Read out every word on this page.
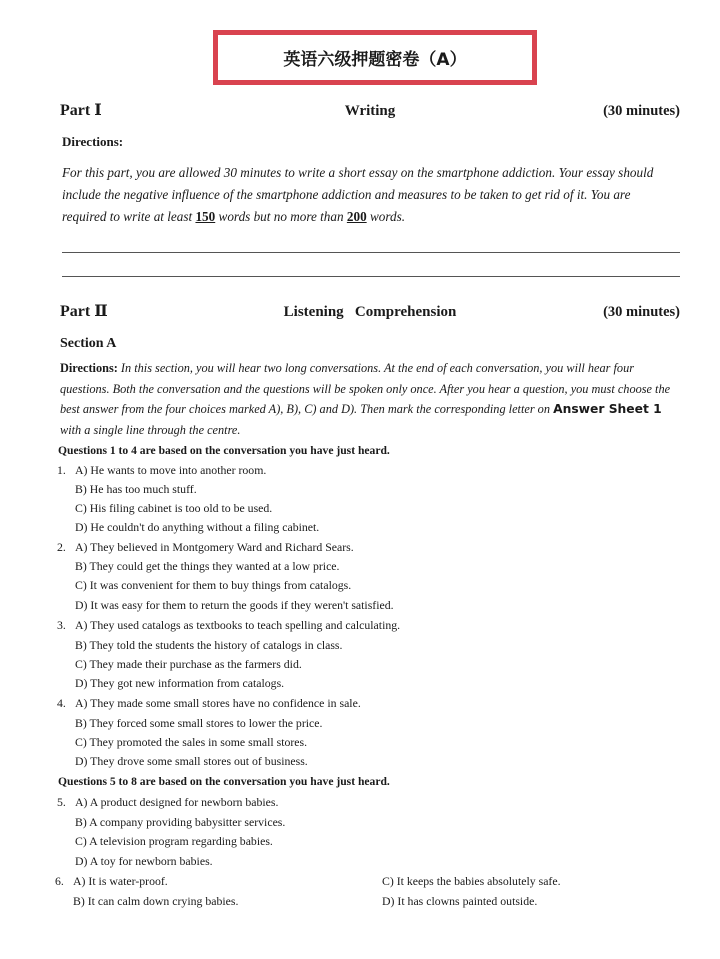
英语六级押题密卷（A）
Part Ⅰ	Writing	(30 minutes)
Directions:
For this part, you are allowed 30 minutes to write a short essay on the smartphone addiction. Your essay should include the negative influence of the smartphone addiction and measures to be taken to get rid of it. You are required to write at least 150 words but no more than 200 words.
Part Ⅱ	Listening   Comprehension	(30 minutes)
Section A
Directions: In this section, you will hear two long conversations. At the end of each conversation, you will hear four questions. Both the conversation and the questions will be spoken only once. After you hear a question, you must choose the best answer from the four choices marked A), B), C) and D). Then mark the corresponding letter on Answer Sheet 1 with a single line through the centre.
Questions 1 to 4 are based on the conversation you have just heard.
1. A) He wants to move into another room.
B) He has too much stuff.
C) His filing cabinet is too old to be used.
D) He couldn't do anything without a filing cabinet.
2. A) They believed in Montgomery Ward and Richard Sears.
B) They could get the things they wanted at a low price.
C) It was convenient for them to buy things from catalogs.
D) It was easy for them to return the goods if they weren't satisfied.
3. A) They used catalogs as textbooks to teach spelling and calculating.
B) They told the students the history of catalogs in class.
C) They made their purchase as the farmers did.
D) They got new information from catalogs.
4. A) They made some small stores have no confidence in sale.
B) They forced some small stores to lower the price.
C) They promoted the sales in some small stores.
D) They drove some small stores out of business.
Questions 5 to 8 are based on the conversation you have just heard.
5. A) A product designed for newborn babies.
B) A company providing babysitter services.
C) A television program regarding babies.
D) A toy for newborn babies.
6. A) It is water-proof.
B) It can calm down crying babies.
C) It keeps the babies absolutely safe.
D) It has clowns painted outside.
